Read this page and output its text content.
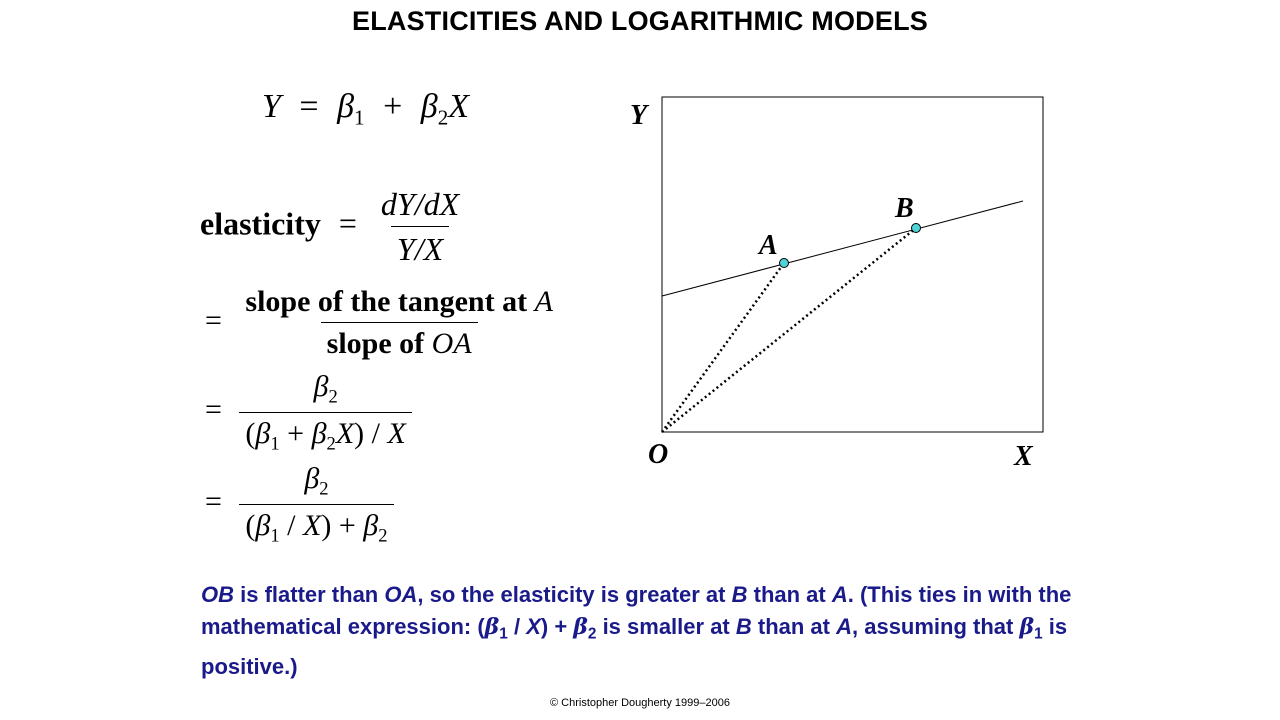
ELASTICITIES AND LOGARITHMIC MODELS
$Y = \beta_1 + \beta_2X$
elasticity = $\frac{dY/dX}{Y/X}$
= $\frac{\text{slope of the tangent at A}}{\text{slope of OA}}$
= $\frac{\beta_2}{(\beta_1 + \beta_2X) / X}$
= $\frac{\beta_2}{(\beta_1 / X) + \beta_2}$
Y
X
O
A
B
OB is flatter than OA, so the elasticity is greater at B than at A. (This ties in with the mathematical expression: $(\beta_1 / X) + \beta_2$ is smaller at B than at A, assuming that $\beta_1$ is positive.)
© Christopher Dougherty 1999–2006
